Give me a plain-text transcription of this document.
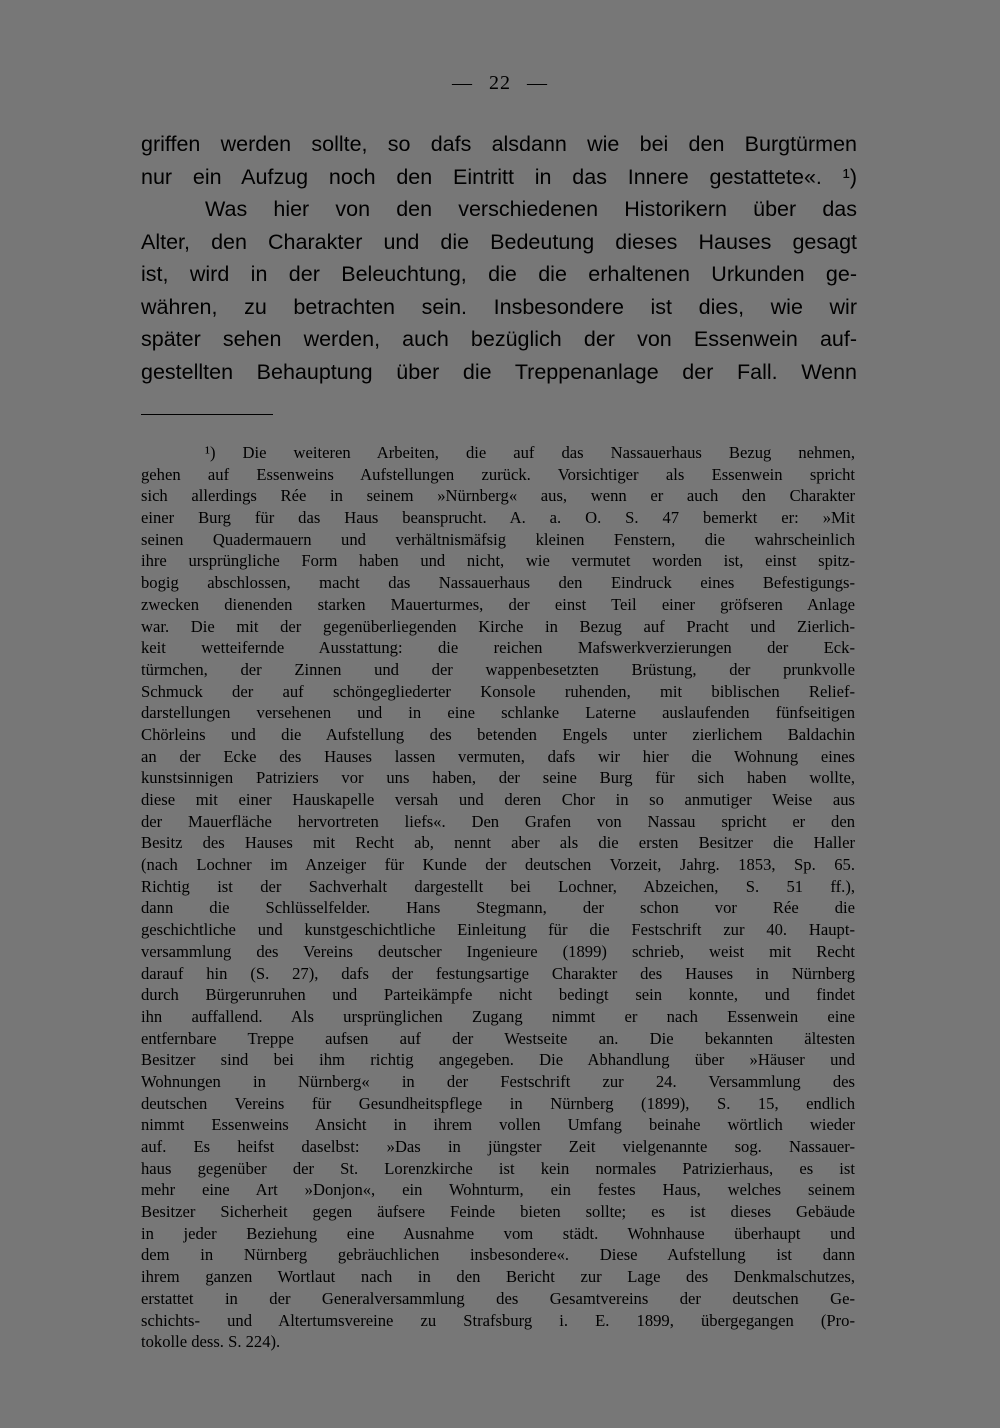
— 22 —
griffen werden sollte, so dafs alsdann wie bei den Burgtürmen
nur ein Aufzug noch den Eintritt in das Innere gestattete«. ¹)
Was hier von den verschiedenen Historikern über das
Alter, den Charakter und die Bedeutung dieses Hauses gesagt
ist, wird in der Beleuchtung, die die erhaltenen Urkunden ge-
währen, zu betrachten sein. Insbesondere ist dies, wie wir
später sehen werden, auch bezüglich der von Essenwein auf-
gestellten Behauptung über die Treppenanlage der Fall. Wenn
¹) Die weiteren Arbeiten, die auf das Nassauerhaus Bezug nehmen,
gehen auf Essenweins Aufstellungen zurück. Vorsichtiger als Essenwein spricht
sich allerdings Rée in seinem »Nürnberg« aus, wenn er auch den Charakter
einer Burg für das Haus beansprucht. A. a. O. S. 47 bemerkt er: »Mit
seinen Quadermauern und verhältnismäfsig kleinen Fenstern, die wahrscheinlich
ihre ursprüngliche Form haben und nicht, wie vermutet worden ist, einst spitz-
bogig abschlossen, macht das Nassauerhaus den Eindruck eines Befestigungs-
zwecken dienenden starken Mauerturmes, der einst Teil einer gröfseren Anlage
war. Die mit der gegenüberliegenden Kirche in Bezug auf Pracht und Zierlich-
keit wetteifernde Ausstattung: die reichen Mafswerkverzierungen der Eck-
türmchen, der Zinnen und der wappenbesetzten Brüstung, der prunkvolle
Schmuck der auf schöngegliederter Konsole ruhenden, mit biblischen Relief-
darstellungen versehenen und in eine schlanke Laterne auslaufenden fünfseitigen
Chörleins und die Aufstellung des betenden Engels unter zierlichem Baldachin
an der Ecke des Hauses lassen vermuten, dafs wir hier die Wohnung eines
kunstsinnigen Patriziers vor uns haben, der seine Burg für sich haben wollte,
diese mit einer Hauskapelle versah und deren Chor in so anmutiger Weise aus
der Mauerfläche hervortreten liefs«. Den Grafen von Nassau spricht er den
Besitz des Hauses mit Recht ab, nennt aber als die ersten Besitzer die Haller
(nach Lochner im Anzeiger für Kunde der deutschen Vorzeit, Jahrg. 1853, Sp. 65.
Richtig ist der Sachverhalt dargestellt bei Lochner, Abzeichen, S. 51 ff.),
dann die Schlüsselfelder. Hans Stegmann, der schon vor Rée die
geschichtliche und kunstgeschichtliche Einleitung für die Festschrift zur 40. Haupt-
versammlung des Vereins deutscher Ingenieure (1899) schrieb, weist mit Recht
darauf hin (S. 27), dafs der festungsartige Charakter des Hauses in Nürnberg
durch Bürgerunruhen und Parteikämpfe nicht bedingt sein konnte, und findet
ihn auffallend. Als ursprünglichen Zugang nimmt er nach Essenwein eine
entfernbare Treppe aufsen auf der Westseite an. Die bekannten ältesten
Besitzer sind bei ihm richtig angegeben. Die Abhandlung über »Häuser und
Wohnungen in Nürnberg« in der Festschrift zur 24. Versammlung des
deutschen Vereins für Gesundheitspflege in Nürnberg (1899), S. 15, endlich
nimmt Essenweins Ansicht in ihrem vollen Umfang beinahe wörtlich wieder
auf. Es heifst daselbst: »Das in jüngster Zeit vielgenannte sog. Nassauer-
haus gegenüber der St. Lorenzkirche ist kein normales Patrizierhaus, es ist
mehr eine Art »Donjon«, ein Wohnturm, ein festes Haus, welches seinem
Besitzer Sicherheit gegen äufsere Feinde bieten sollte; es ist dieses Gebäude
in jeder Beziehung eine Ausnahme vom städt. Wohnhause überhaupt und
dem in Nürnberg gebräuchlichen insbesondere«. Diese Aufstellung ist dann
ihrem ganzen Wortlaut nach in den Bericht zur Lage des Denkmalschutzes,
erstattet in der Generalversammlung des Gesamtvereins der deutschen Ge-
schichts- und Altertumsvereine zu Strafsburg i. E. 1899, übergegangen (Pro-
tokolle dess. S. 224).
